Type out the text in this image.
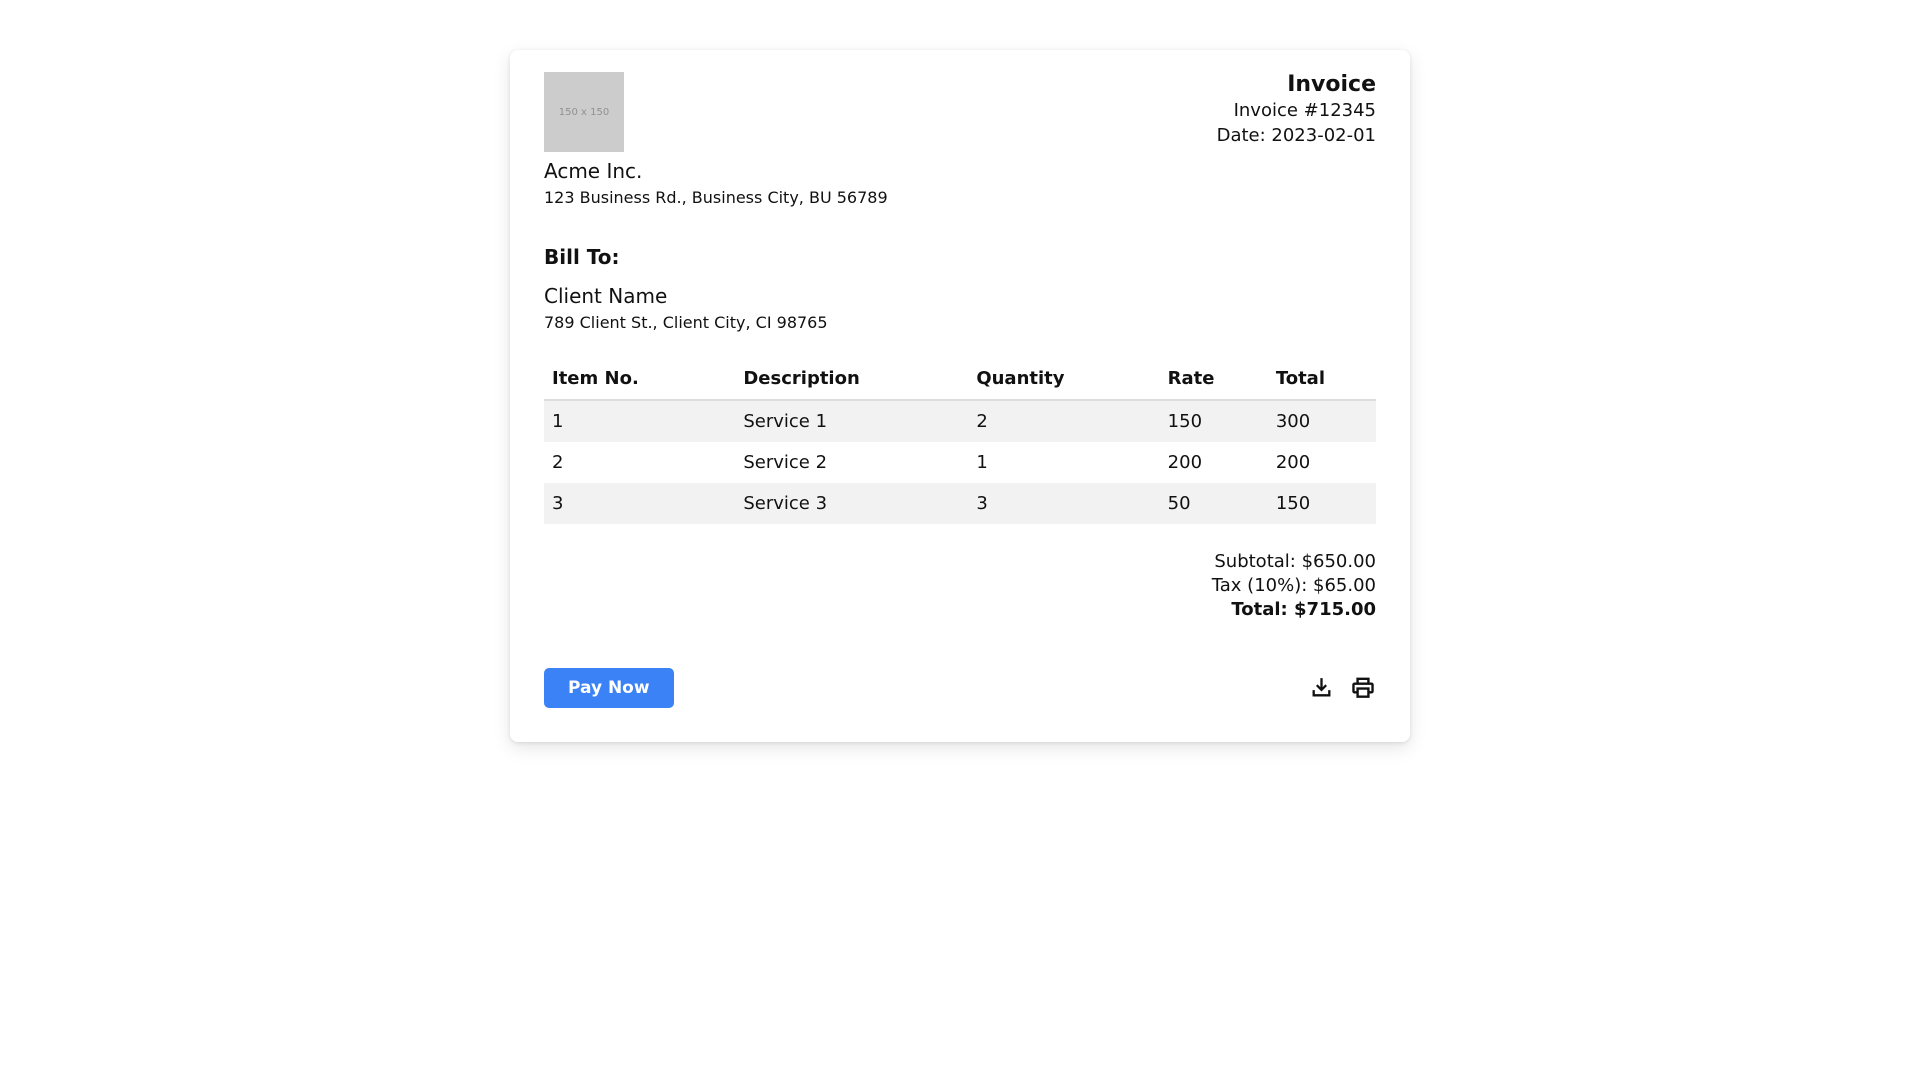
150 x 150
Acme Inc.
123 Business Rd., Business City, BU 56789
Invoice
Invoice #12345
Date: 2023-02-01
Bill To:
Client Name
789 Client St., Client City, CI 98765
Item No.	Description	Quantity	Rate	Total
1	Service 1	2	150	300
2	Service 2	1	200	200
3	Service 3	3	50	150
Subtotal: $650.00
Tax (10%): $65.00
Total: $715.00
Pay Now
